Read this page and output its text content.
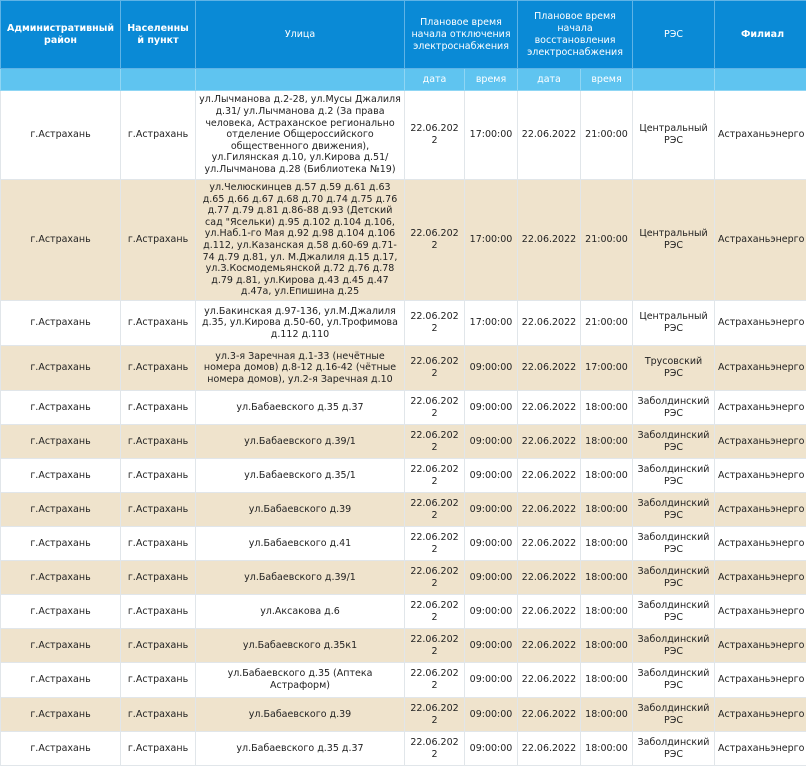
Административный район	Населенный пункт	Улица	Плановое время начала отключения электроснабжения		Плановое время начала восстановления электроснабжения		РЭС	Филиал
			дата	время	дата	время		
г.Астрахань	г.Астрахань	ул.Лычманова д.2-28, ул.Мусы Джалиля д.31/ ул.Лычманова д.2 (За права человека, Астраханское регионально отделение Общероссийского общественного движения), ул.Гилянская д.10, ул.Кирова д.51/ ул.Лычманова д.28 (Библиотека №19)	22.06.2022	17:00:00	22.06.2022	21:00:00	Центральный РЭС	Астраханьэнерго
г.Астрахань	г.Астрахань	ул.Челюскинцев д.57 д.59 д.61 д.63 д.65 д.66 д.67 д.68 д.70 д.74 д.75 д.76 д.77 д.79 д.81 д.86-88 д.93 (Детский сад "Ясельки) д.95 д.102 д.104 д.106, ул.Наб.1-го Мая д.92 д.98 д.104 д.106 д.112, ул.Казанская д.58 д.60-69 д.71-74 д.79 д.81, ул. М.Джалиля д.15 д.17, ул.З.Космодемьянской д.72 д.76 д.78 д.79 д.81, ул.Кирова д.43 д.45 д.47 д.47а, ул.Епишина д.25	22.06.2022	17:00:00	22.06.2022	21:00:00	Центральный РЭС	Астраханьэнерго
г.Астрахань	г.Астрахань	ул.Бакинская д.97-136, ул.М.Джалиля д.35, ул.Кирова д.50-60, ул.Трофимова д.112 д.110	22.06.2022	17:00:00	22.06.2022	21:00:00	Центральный РЭС	Астраханьэнерго
г.Астрахань	г.Астрахань	ул.3-я Заречная д.1-33 (нечётные номера домов) д.8-12 д.16-42 (чётные номера домов), ул.2-я Заречная д.10	22.06.2022	09:00:00	22.06.2022	17:00:00	Трусовский РЭС	Астраханьэнерго
г.Астрахань	г.Астрахань	ул.Бабаевского д.35 д.37	22.06.2022	09:00:00	22.06.2022	18:00:00	Заболдинский РЭС	Астраханьэнерго
г.Астрахань	г.Астрахань	ул.Бабаевского д.39/1	22.06.2022	09:00:00	22.06.2022	18:00:00	Заболдинский РЭС	Астраханьэнерго
г.Астрахань	г.Астрахань	ул.Бабаевского д.35/1	22.06.2022	09:00:00	22.06.2022	18:00:00	Заболдинский РЭС	Астраханьэнерго
г.Астрахань	г.Астрахань	ул.Бабаевского д.39	22.06.2022	09:00:00	22.06.2022	18:00:00	Заболдинский РЭС	Астраханьэнерго
г.Астрахань	г.Астрахань	ул.Бабаевского д.41	22.06.2022	09:00:00	22.06.2022	18:00:00	Заболдинский РЭС	Астраханьэнерго
г.Астрахань	г.Астрахань	ул.Бабаевского д.39/1	22.06.2022	09:00:00	22.06.2022	18:00:00	Заболдинский РЭС	Астраханьэнерго
г.Астрахань	г.Астрахань	ул.Аксакова д.6	22.06.2022	09:00:00	22.06.2022	18:00:00	Заболдинский РЭС	Астраханьэнерго
г.Астрахань	г.Астрахань	ул.Бабаевского д.35к1	22.06.2022	09:00:00	22.06.2022	18:00:00	Заболдинский РЭС	Астраханьэнерго
г.Астрахань	г.Астрахань	ул.Бабаевского д.35 (Аптека Астраформ)	22.06.2022	09:00:00	22.06.2022	18:00:00	Заболдинский РЭС	Астраханьэнерго
г.Астрахань	г.Астрахань	ул.Бабаевского д.39	22.06.2022	09:00:00	22.06.2022	18:00:00	Заболдинский РЭС	Астраханьэнерго
г.Астрахань	г.Астрахань	ул.Бабаевского д.35 д.37	22.06.2022	09:00:00	22.06.2022	18:00:00	Заболдинский РЭС	Астраханьэнерго
